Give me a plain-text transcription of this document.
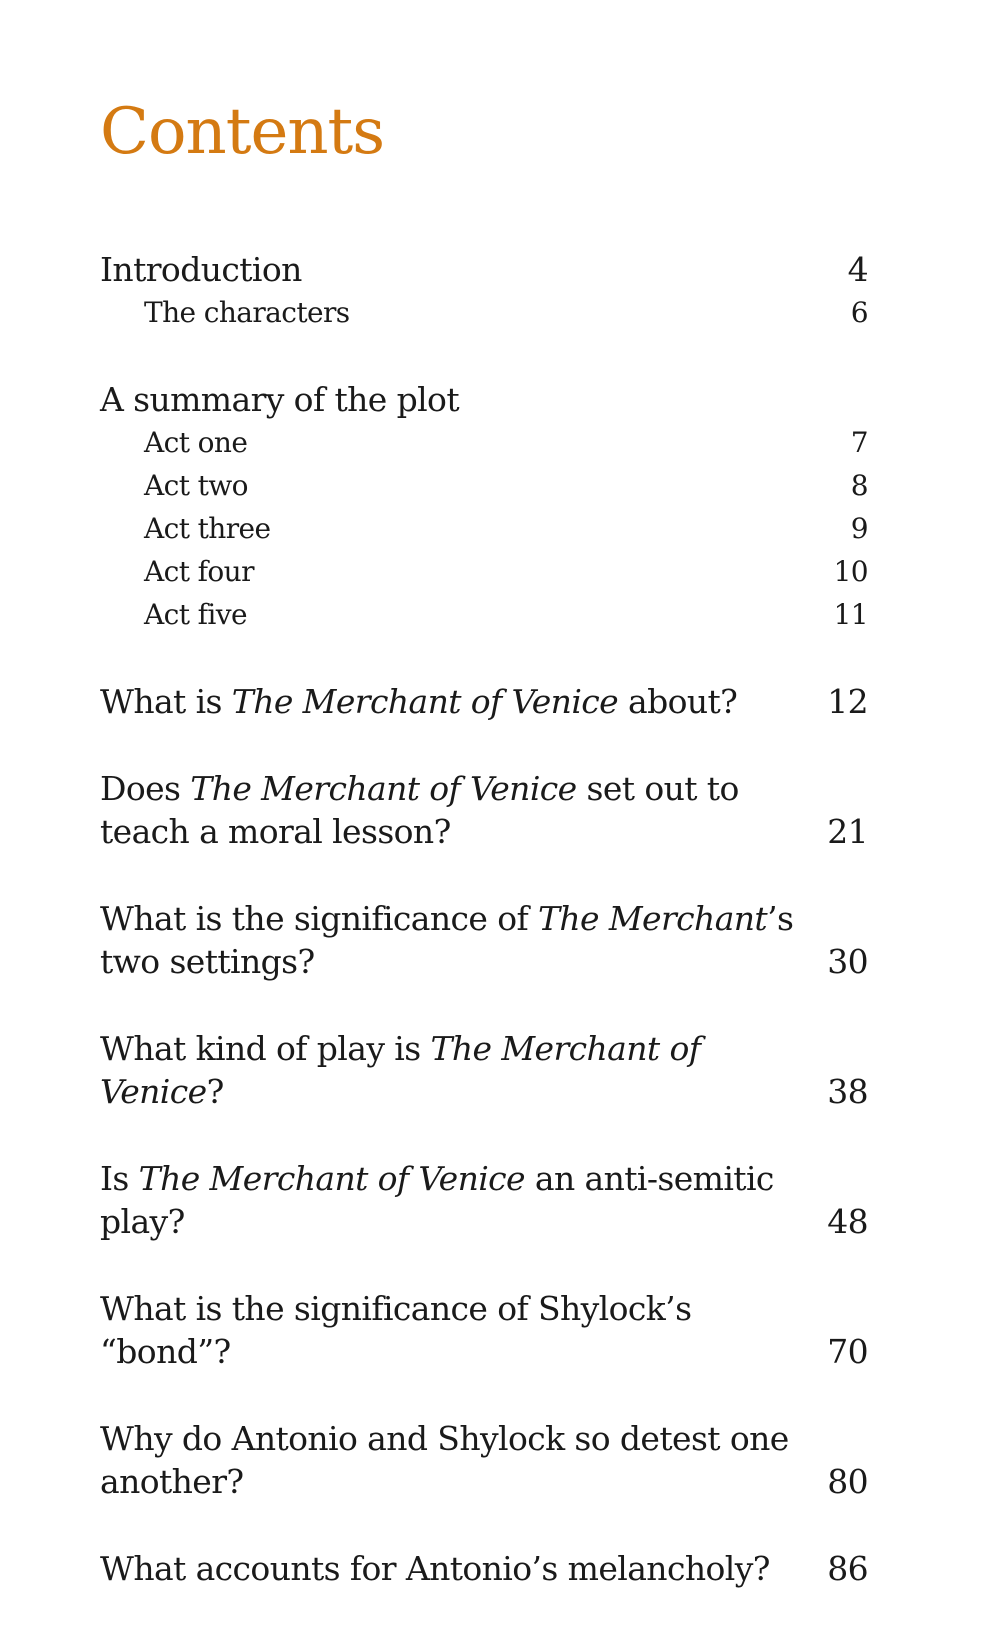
Contents
Introduction	4
The characters	6
A summary of the plot
Act one	7
Act two	8
Act three	9
Act four	10
Act five	11
What is The Merchant of Venice about?	12
Does The Merchant of Venice set out to teach a moral lesson?	21
What is the significance of The Merchant’s two settings?	30
What kind of play is The Merchant of Venice?	38
Is The Merchant of Venice an anti-semitic play?	48
What is the significance of Shylock’s “bond”?	70
Why do Antonio and Shylock so detest one another?	80
What accounts for Antonio’s melancholy?	86
